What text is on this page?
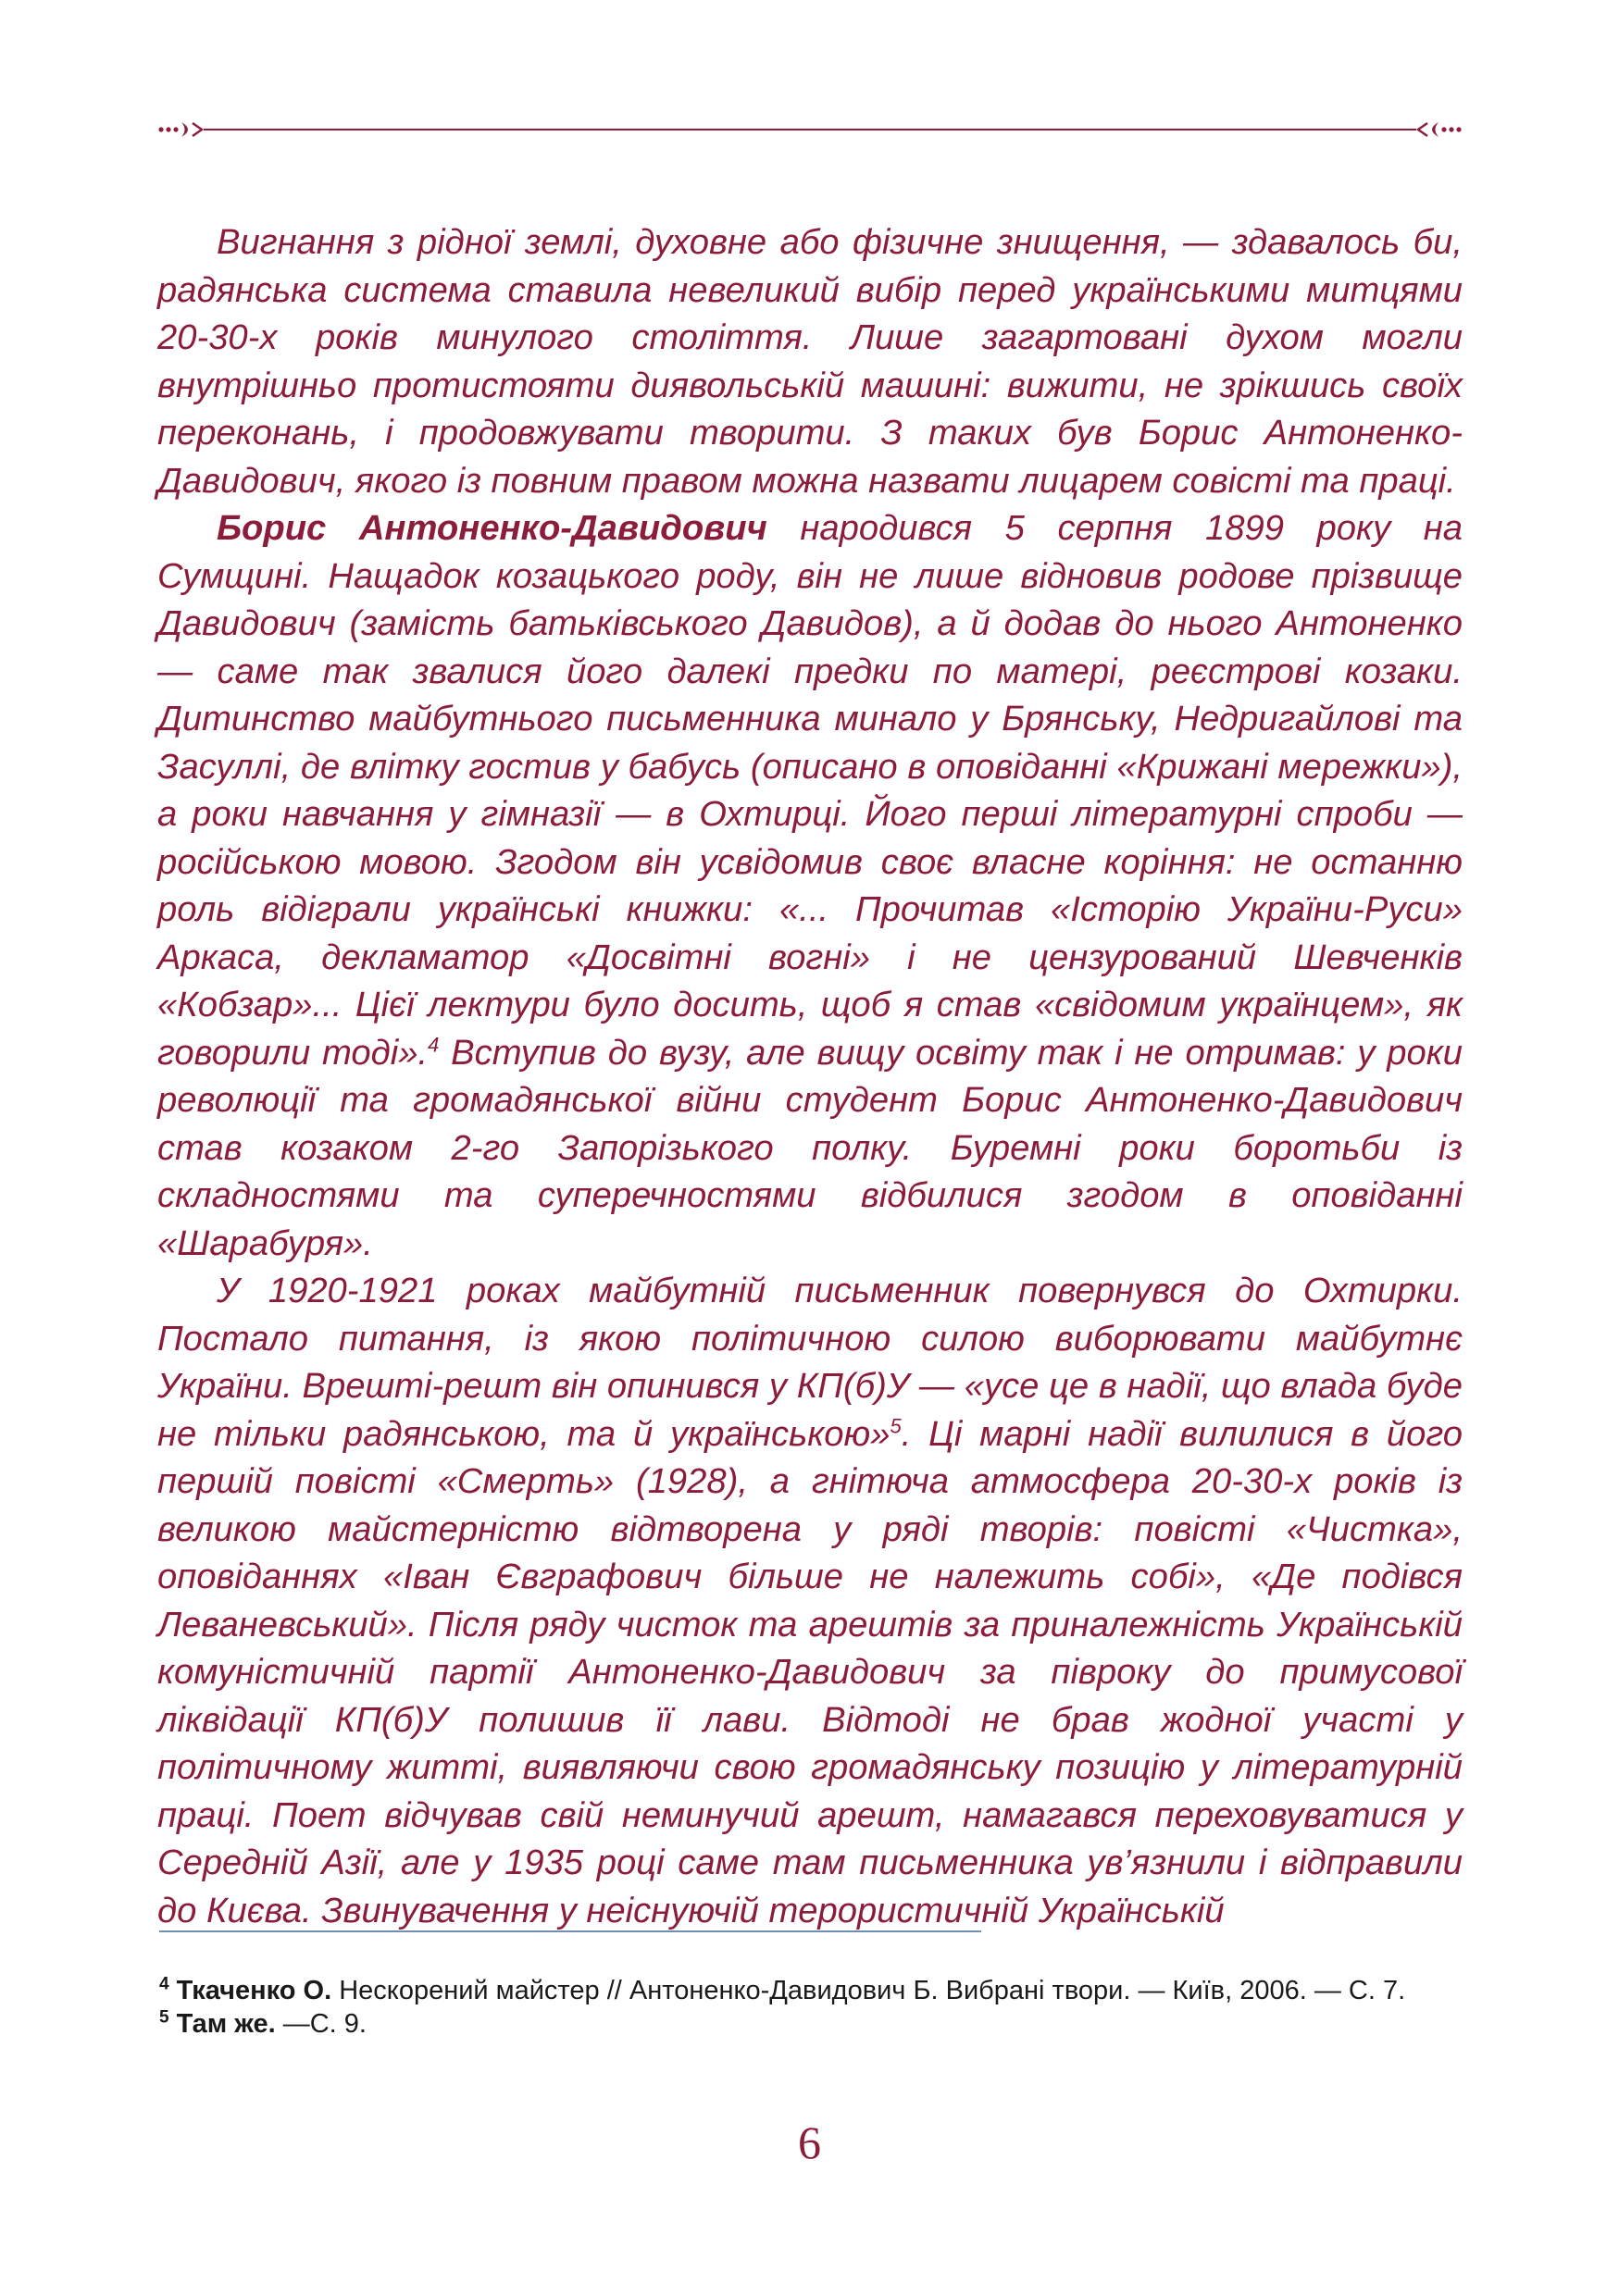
Вигнання з рідної землі, духовне або фізичне знищення, — здавалось би, радянська система ставила невеликий вибір перед українськими митцями 20-30-х років минулого століття. Лише загартовані духом могли внутрішньо протистояти диявольській машині: вижити, не зрікшись своїх переконань, і продовжувати творити. З таких був Борис Антоненко-Давидович, якого із повним правом можна назвати лицарем совісті та праці.

Борис Антоненко-Давидович народився 5 серпня 1899 року на Сумщині. Нащадок козацького роду, він не лише відновив родове прізвище Давидович (замість батьківського Давидов), а й додав до нього Антоненко — саме так звалися його далекі предки по матері, реєстрові козаки. Дитинство майбутнього письменника минало у Брянську, Недригайлові та Засуллі, де влітку гостив у бабусь (описано в оповіданні «Крижані мережки»), а роки навчання у гімназії — в Охтирці. Його перші літературні спроби — російською мовою. Згодом він усвідомив своє власне коріння: не останню роль відіграли українські книжки: «... Прочитав «Історію України-Руси» Аркаса, декламатор «Досвітні вогні» і не цензурований Шевченків «Кобзар»... Цієї лектури було досить, щоб я став «свідомим українцем», як говорили тоді».$^4$ Вступив до вузу, але вищу освіту так і не отримав: у роки революції та громадянської війни студент Борис Антоненко-Давидович став козаком 2-го Запорізького полку. Буремні роки боротьби із складностями та суперечностями відбилися згодом в оповіданні «Шарабуря».

У 1920-1921 роках майбутній письменник повернувся до Охтирки. Постало питання, із якою політичною силою виборювати майбутнє України. Врешті-решт він опинився у КП(б)У — «усе це в надії, що влада буде не тільки радянською, та й українською»$^5$. Ці марні надії вилилися в його першій повісті «Смерть» (1928), а гнітюча атмосфера 20-30-х років із великою майстерністю відтворена у ряді творів: повісті «Чистка», оповіданнях «Іван Євграфович більше не належить собі», «Де подівся Леваневський». Після ряду чисток та арештів за приналежність Українській комуністичній партії Антоненко-Давидович за півроку до примусової ліквідації КП(б)У полишив її лави. Відтоді не брав жодної участі у політичному житті, виявляючи свою громадянську позицію у літературній праці. Поет відчував свій неминучий арешт, намагався переховуватися у Середній Азії, але у 1935 році саме там письменника ув’язнили і відправили до Києва. Звинувачення у неіснуючій терористичній Українській

$^4$ Ткаченко О. Нескорений майстер // Антоненко-Давидович Б. Вибрані твори. — Київ, 2006. — С. 7.

$^5$ Там же. —С. 9.

6
